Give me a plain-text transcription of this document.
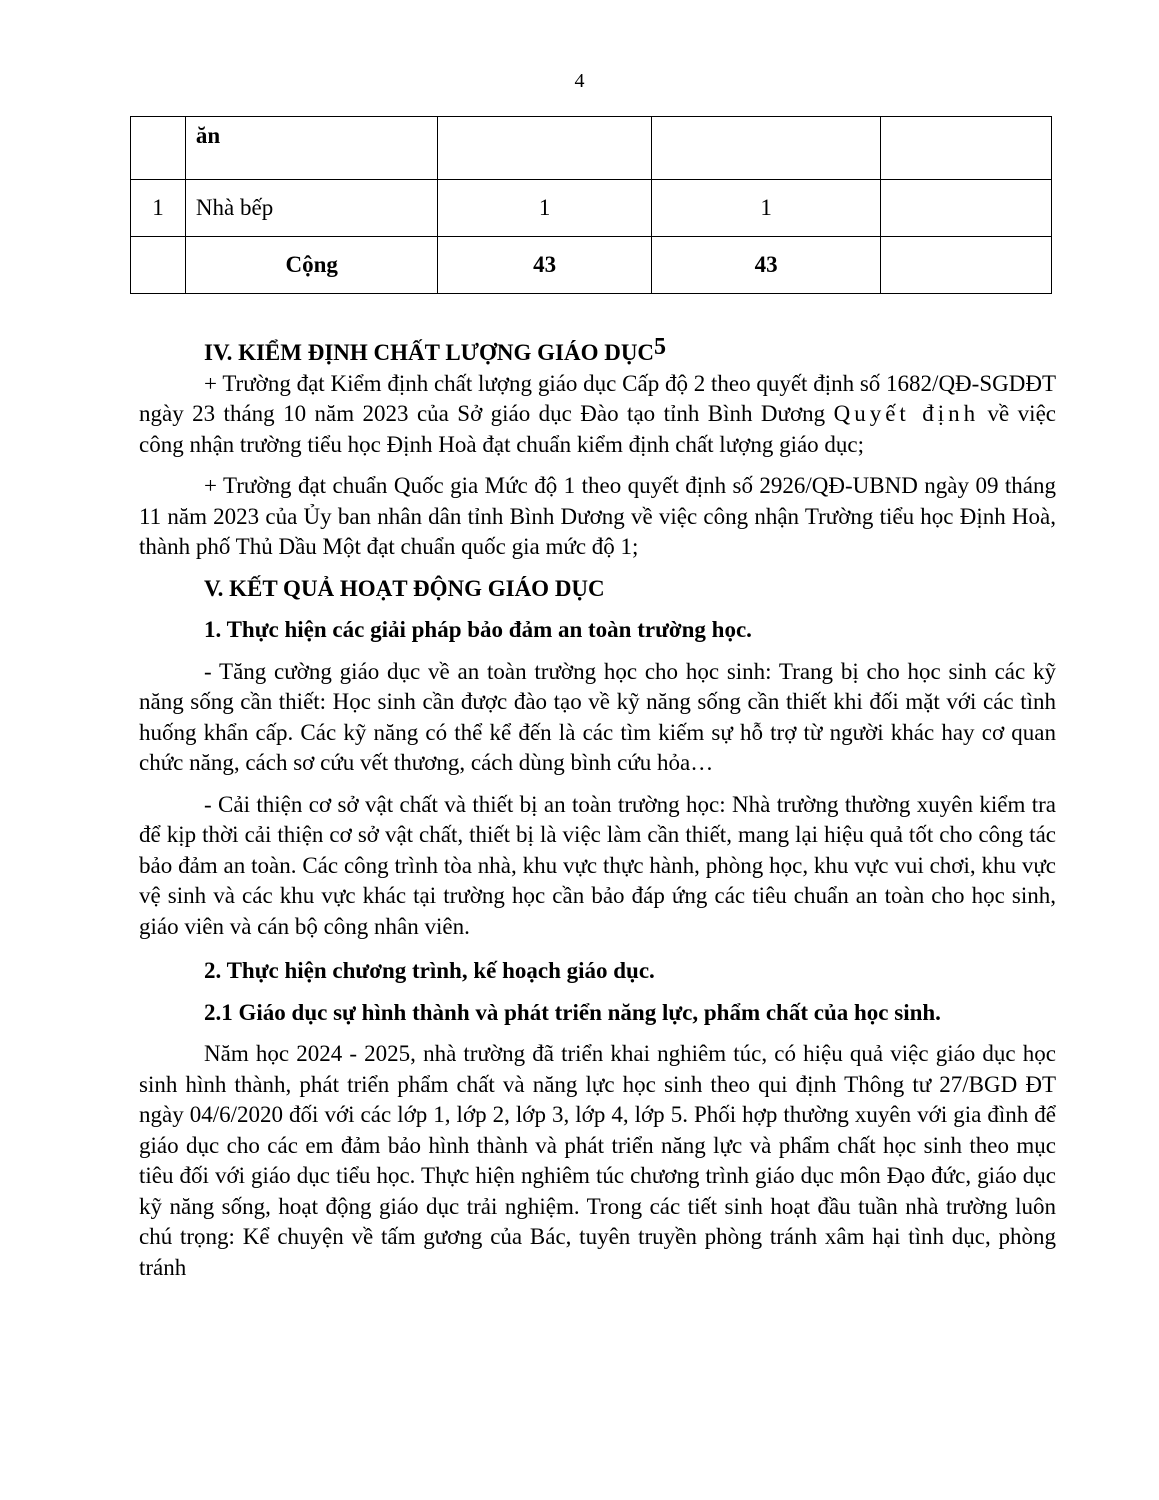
4
	ăn			
1	Nhà bếp	1	1	
	Cộng	43	43	

IV. KIỂM ĐỊNH CHẤT LƯỢNG GIÁO DỤC$^5$

+ Trường đạt Kiểm định chất lượng giáo dục Cấp độ 2 theo quyết định số 1682/QĐ-SGDĐT ngày 23 tháng 10 năm 2023 của Sở giáo dục Đào tạo tỉnh Bình Dương Quyết định về việc công nhận trường tiểu học Định Hoà đạt chuẩn kiểm định chất lượng giáo dục;

+ Trường đạt chuẩn Quốc gia Mức độ 1 theo quyết định số 2926/QĐ-UBND ngày 09 tháng 11 năm 2023 của Ủy ban nhân dân tỉnh Bình Dương về việc công nhận Trường tiểu học Định Hoà, thành phố Thủ Dầu Một đạt chuẩn quốc gia mức độ 1;

V. KẾT QUẢ HOẠT ĐỘNG GIÁO DỤC

1. Thực hiện các giải pháp bảo đảm an toàn trường học.

- Tăng cường giáo dục về an toàn trường học cho học sinh: Trang bị cho học sinh các kỹ năng sống cần thiết: Học sinh cần được đào tạo về kỹ năng sống cần thiết khi đối mặt với các tình huống khẩn cấp. Các kỹ năng có thể kể đến là các tìm kiếm sự hỗ trợ từ người khác hay cơ quan chức năng, cách sơ cứu vết thương, cách dùng bình cứu hỏa…

- Cải thiện cơ sở vật chất và thiết bị an toàn trường học: Nhà trường thường xuyên kiểm tra để kịp thời cải thiện cơ sở vật chất, thiết bị là việc làm cần thiết, mang lại hiệu quả tốt cho công tác bảo đảm an toàn. Các công trình tòa nhà, khu vực thực hành, phòng học, khu vực vui chơi, khu vực vệ sinh và các khu vực khác tại trường học cần bảo đáp ứng các tiêu chuẩn an toàn cho học sinh, giáo viên và cán bộ công nhân viên.

2. Thực hiện chương trình, kế hoạch giáo dục.

2.1 Giáo dục sự hình thành và phát triển năng lực, phẩm chất của học sinh.

Năm học 2024 - 2025, nhà trường đã triển khai nghiêm túc, có hiệu quả việc giáo dục học sinh hình thành, phát triển phẩm chất và năng lực học sinh theo qui định Thông tư 27/BGD ĐT ngày 04/6/2020 đối với các lớp 1, lớp 2, lớp 3, lớp 4, lớp 5. Phối hợp thường xuyên với gia đình để giáo dục cho các em đảm bảo hình thành và phát triển năng lực và phẩm chất học sinh theo mục tiêu đối với giáo dục tiểu học. Thực hiện nghiêm túc chương trình giáo dục môn Đạo đức, giáo dục kỹ năng sống, hoạt động giáo dục trải nghiệm. Trong các tiết sinh hoạt đầu tuần nhà trường luôn chú trọng: Kể chuyện về tấm gương của Bác, tuyên truyền phòng tránh xâm hại tình dục, phòng tránh
